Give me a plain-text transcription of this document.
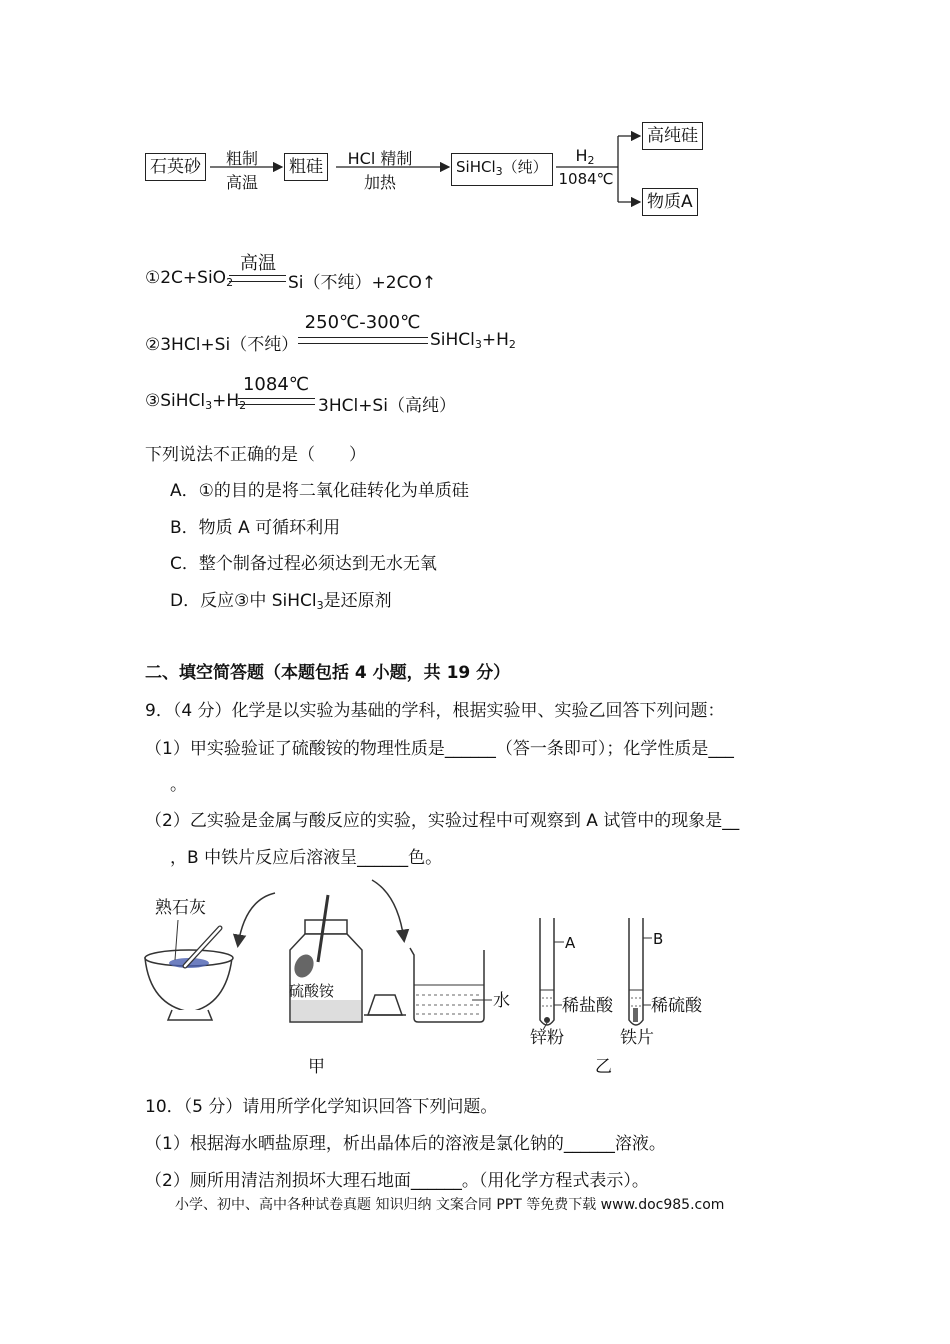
石英砂	粗制
高温
粗硅	HCl 精制
加热
SiHCl$_3$（纯）
$H_2$
1084℃
高纯硅
物质A
①2C+SiO$_2$
高温
Si（不纯）+2CO↑
②3HCl+Si（不纯）
250℃-300℃
$SiHCl_3+H_2$
$③SiHCl_3+H_2$
1084℃
3HCl+Si（高纯）
下列说法不正确的是（　　）
A．①的目的是将二氧化硅转化为单质硅
B．物质 A 可循环利用
C．整个制备过程必须达到无水无氧
D．反应③中 SiHCl$_3$是还原剂
二、填空简答题（本题包括 4 小题，共 19 分）
9．（4 分）化学是以实验为基础的学科，根据实验甲、实验乙回答下列问题：
（1）甲实验验证了硫酸铵的物理性质是______（答一条即可）；化学性质是___
。
（2）乙实验是金属与酸反应的实验，实验过程中可观察到 A 试管中的现象是__
，B 中铁片反应后溶液呈______色。
熟石灰
硫酸铵	水
A
稀盐酸
锌粉
B
稀硫酸
铁片
甲	乙
10．（5 分）请用所学化学知识回答下列问题。
（1）根据海水晒盐原理，析出晶体后的溶液是氯化钠的______溶液。
（2）厕所用清洁剂损坏大理石地面______。（用化学方程式表示）。
小学、初中、高中各种试卷真题 知识归纳 文案合同 PPT 等免费下载 www.doc985.com
